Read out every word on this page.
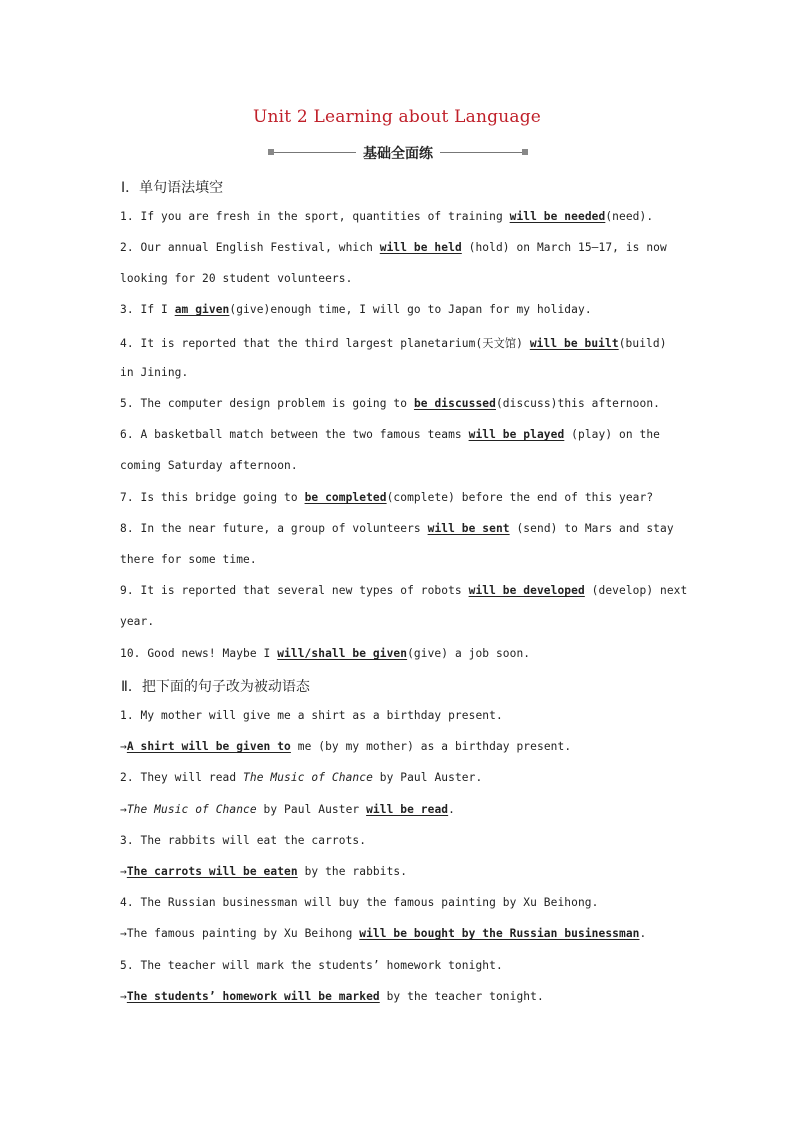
Unit 2 Learning about Language
基础全面练
Ⅰ．单句语法填空
1. If you are fresh in the sport, quantities of training will be needed(need).
2. Our annual English Festival, which will be held (hold) on March 15—17, is now
looking for 20 student volunteers.
3. If I am given(give)enough time, I will go to Japan for my holiday.
4. It is reported that the third largest planetarium(天文馆) will be built(build)
in Jining.
5. The computer design problem is going to be discussed(discuss)this afternoon.
6. A basketball match between the two famous teams will be played (play) on the
coming Saturday afternoon.
7. Is this bridge going to be completed(complete) before the end of this year?
8. In the near future, a group of volunteers will be sent (send) to Mars and stay
there for some time.
9. It is reported that several new types of robots will be developed (develop) next
year.
10. Good news! Maybe I will/shall be given(give) a job soon.
Ⅱ．把下面的句子改为被动语态
1. My mother will give me a shirt as a birthday present.
→A shirt will be given to me (by my mother) as a birthday present.
2. They will read The Music of Chance by Paul Auster.
→The Music of Chance by Paul Auster will be read.
3. The rabbits will eat the carrots.
→The carrots will be eaten by the rabbits.
4. The Russian businessman will buy the famous painting by Xu Beihong.
→The famous painting by Xu Beihong will be bought by the Russian businessman.
5. The teacher will mark the students’ homework tonight.
→The students’ homework will be marked by the teacher tonight.
